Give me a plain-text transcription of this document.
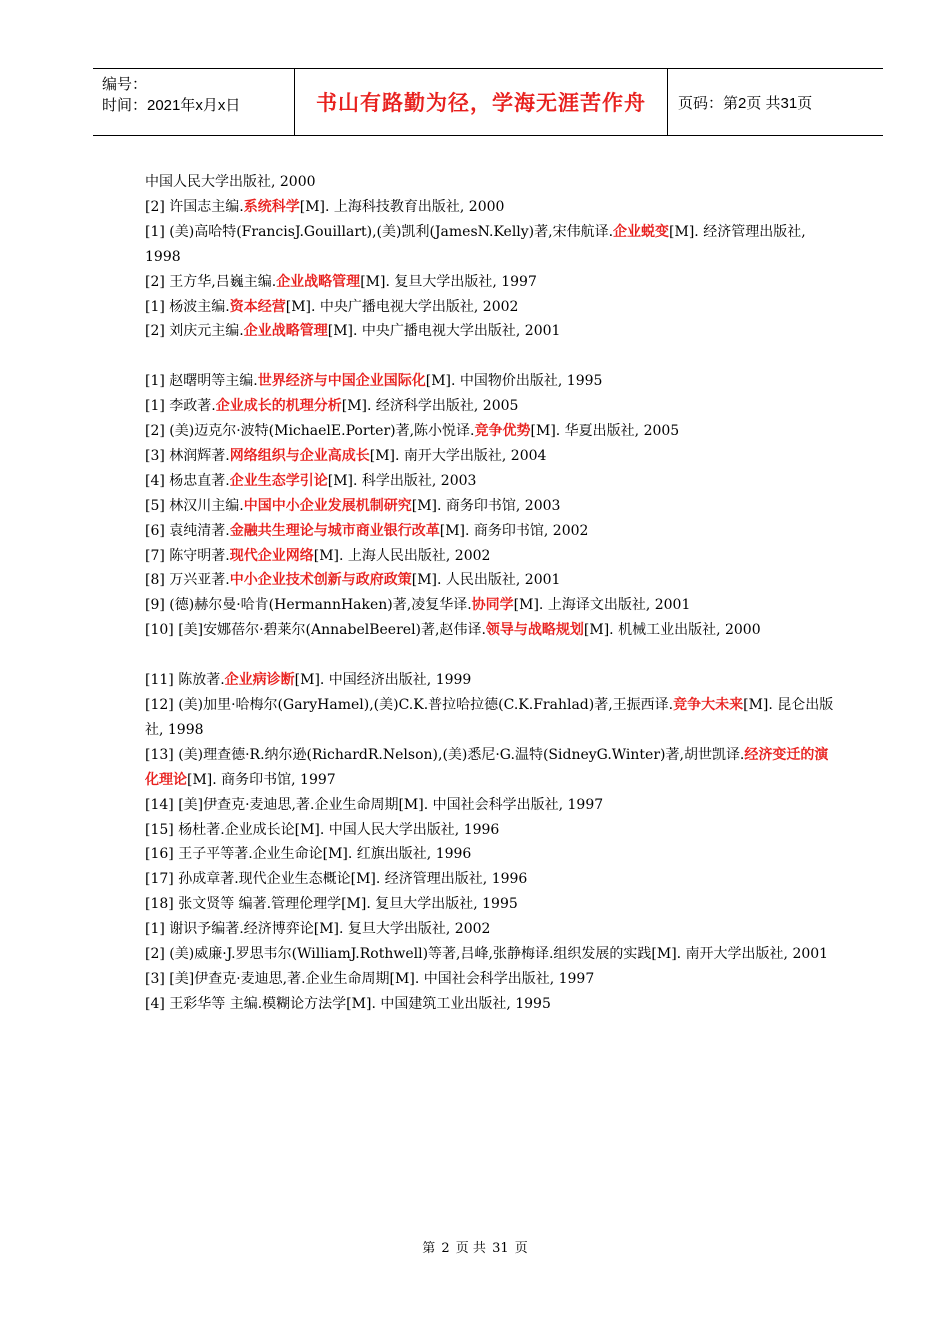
编号：
时间：2021年x月x日	书山有路勤为径，学海无涯苦作舟	页码：第2页 共31页
中国人民大学出版社, 2000
[2] 许国志主编.系统科学[M]. 上海科技教育出版社, 2000
[1] (美)高哈特(FrancisJ.Gouillart),(美)凯利(JamesN.Kelly)著,宋伟航译.企业蜕变[M]. 经济管理出版社, 1998
[2] 王方华,吕巍主编.企业战略管理[M]. 复旦大学出版社, 1997
[1] 杨波主编.资本经营[M]. 中央广播电视大学出版社, 2002
[2] 刘庆元主编.企业战略管理[M]. 中央广播电视大学出版社, 2001
[1] 赵曙明等主编.世界经济与中国企业国际化[M]. 中国物价出版社, 1995
[1] 李政著.企业成长的机理分析[M]. 经济科学出版社, 2005
[2] (美)迈克尔·波特(MichaelE.Porter)著,陈小悦译.竞争优势[M]. 华夏出版社, 2005
[3] 林润辉著.网络组织与企业高成长[M]. 南开大学出版社, 2004
[4] 杨忠直著.企业生态学引论[M]. 科学出版社, 2003
[5] 林汉川主编.中国中小企业发展机制研究[M]. 商务印书馆, 2003
[6] 袁纯清著.金融共生理论与城市商业银行改革[M]. 商务印书馆, 2002
[7] 陈守明著.现代企业网络[M]. 上海人民出版社, 2002
[8] 万兴亚著.中小企业技术创新与政府政策[M]. 人民出版社, 2001
[9] (德)赫尔曼·哈肯(HermannHaken)著,凌复华译.协同学[M]. 上海译文出版社, 2001
[10] [美]安娜蓓尔·碧莱尔(AnnabelBeerel)著,赵伟译.领导与战略规划[M]. 机械工业出版社, 2000
[11] 陈放著.企业病诊断[M]. 中国经济出版社, 1999
[12] (美)加里·哈梅尔(GaryHamel),(美)C.K.普拉哈拉德(C.K.Frahlad)著,王振西译.竞争大未来[M]. 昆仑出版社, 1998
[13] (美)理查德·R.纳尔逊(RichardR.Nelson),(美)悉尼·G.温特(SidneyG.Winter)著,胡世凯译.经济变迁的演化理论[M]. 商务印书馆, 1997
[14] [美]伊查克·麦迪思,著.企业生命周期[M]. 中国社会科学出版社, 1997
[15] 杨杜著.企业成长论[M]. 中国人民大学出版社, 1996
[16] 王子平等著.企业生命论[M]. 红旗出版社, 1996
[17] 孙成章著.现代企业生态概论[M]. 经济管理出版社, 1996
[18] 张文贤等 编著.管理伦理学[M]. 复旦大学出版社, 1995
[1] 谢识予编著.经济博弈论[M]. 复旦大学出版社, 2002
[2] (美)威廉·J.罗思韦尔(WilliamJ.Rothwell)等著,吕峰,张静梅译.组织发展的实践[M]. 南开大学出版社, 2001
[3] [美]伊查克·麦迪思,著.企业生命周期[M]. 中国社会科学出版社, 1997
[4] 王彩华等 主编.模糊论方法学[M]. 中国建筑工业出版社, 1995
第 2 页 共 31 页
